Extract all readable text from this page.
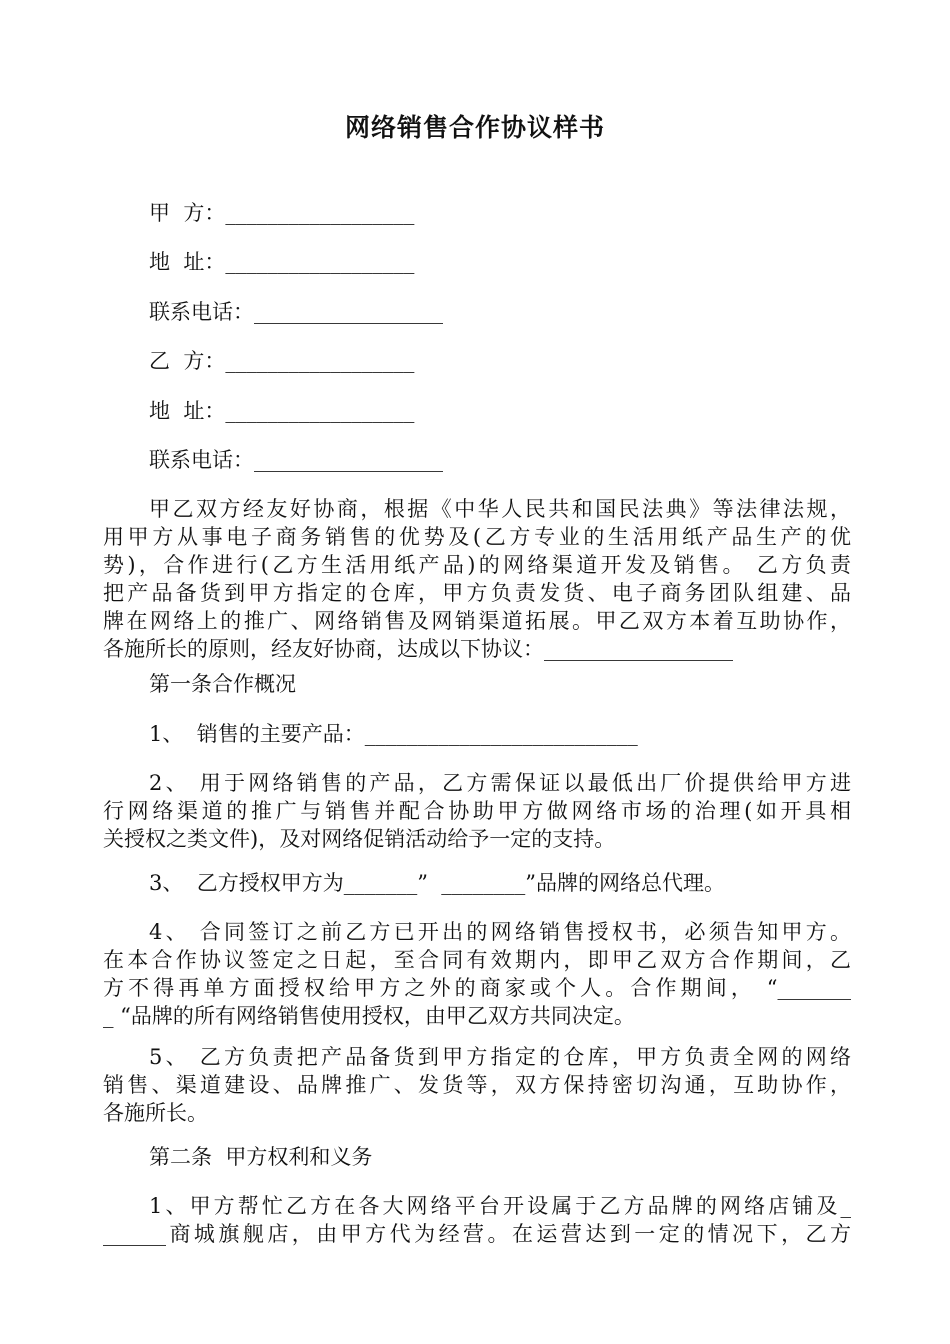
网络销售合作协议样书
甲  方：__________________
地  址：__________________
联系电话：__________________
乙  方：__________________
地  址：__________________
联系电话：__________________
甲乙双方经友好协商，根据《中华人民共和国民法典》等法律法规，
用甲方从事电子商务销售的优势及(乙方专业的生活用纸产品生产的优
势)，合作进行(乙方生活用纸产品)的网络渠道开发及销售。 乙方负责
把产品备货到甲方指定的仓库，甲方负责发货、电子商务团队组建、品
牌在网络上的推广、网络销售及网销渠道拓展。甲乙双方本着互助协作，
各施所长的原则，经友好协商，达成以下协议：__________________
第一条合作概况
1、  销售的主要产品：__________________________
2、 用于网络销售的产品，乙方需保证以最低出厂价提供给甲方进
行网络渠道的推广与销售并配合协助甲方做网络市场的治理(如开具相
关授权之类文件)，及对网络促销活动给予一定的支持。
3、  乙方授权甲方为_______”  ________”品牌的网络总代理。
4、 合同签订之前乙方已开出的网络销售授权书，必须告知甲方。
在本合作协议签定之日起，至合同有效期内，即甲乙双方合作期间，乙
方不得再单方面授权给甲方之外的商家或个人。合作期间， “_______
_ “品牌的所有网络销售使用授权，由甲乙双方共同决定。
5、 乙方负责把产品备货到甲方指定的仓库，甲方负责全网的网络
销售、渠道建设、品牌推广、发货等，双方保持密切沟通，互助协作，
各施所长。
第二条  甲方权利和义务
1、甲方帮忙乙方在各大网络平台开设属于乙方品牌的网络店铺及_
______商城旗舰店，由甲方代为经营。在运营达到一定的情况下，乙方
